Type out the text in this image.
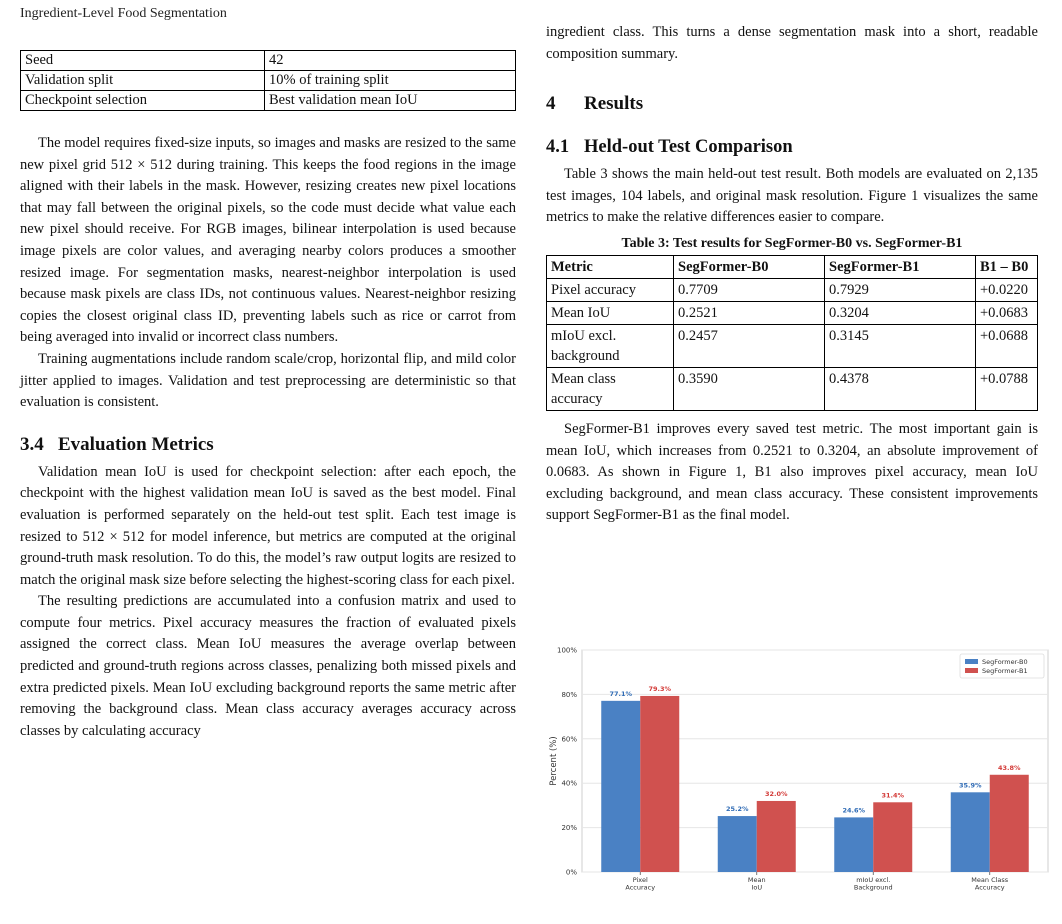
Ingredient-Level Food Segmentation
Seed	42
Validation split	10% of training split
Checkpoint selection	Best validation mean IoU

The model requires fixed-size inputs, so images and masks are resized to the same new pixel grid 512 × 512 during training. This keeps the food regions in the image aligned with their labels in the mask. However, resizing creates new pixel locations that may fall between the original pixels, so the code must decide what value each new pixel should receive. For RGB images, bilinear interpolation is used because image pixels are color values, and averaging nearby colors produces a smoother resized image. For segmentation masks, nearest-neighbor interpolation is used because mask pixels are class IDs, not continuous values. Nearest-neighbor resizing copies the closest original class ID, preventing labels such as rice or carrot from being averaged into invalid or incorrect class numbers.

Training augmentations include random scale/crop, horizontal flip, and mild color jitter applied to images. Validation and test preprocessing are deterministic so that evaluation is consistent.

3.4 Evaluation Metrics

Validation mean IoU is used for checkpoint selection: after each epoch, the checkpoint with the highest validation mean IoU is saved as the best model. Final evaluation is performed separately on the held-out test split. Each test image is resized to 512 × 512 for model inference, but metrics are computed at the original ground-truth mask resolution. To do this, the model’s raw output logits are resized to match the original mask size before selecting the highest-scoring class for each pixel.

The resulting predictions are accumulated into a confusion matrix and used to compute four metrics. Pixel accuracy measures the fraction of evaluated pixels assigned the correct class. Mean IoU measures the average overlap between predicted and ground-truth regions across classes, penalizing both missed pixels and extra predicted pixels. Mean IoU excluding background reports the same metric after removing the background class. Mean class accuracy averages accuracy across classes by calculating accuracy

ingredient class. This turns a dense segmentation mask into a short, readable composition summary.

4 Results
4.1 Held-out Test Comparison

Table 3 shows the main held-out test result. Both models are evaluated on 2,135 test images, 104 labels, and original mask resolution. Figure 1 visualizes the same metrics to make the relative differences easier to compare.

Table 3: Test results for SegFormer-B0 vs. SegFormer-B1

Metric	SegFormer-B0	SegFormer-B1	B1 – B0
Pixel accuracy	0.7709	0.7929	+0.0220
Mean IoU	0.2521	0.3204	+0.0683
mIoU excl. background	0.2457	0.3145	+0.0688
Mean class accuracy	0.3590	0.4378	+0.0788

SegFormer-B1 improves every saved test metric. The most important gain is mean IoU, which increases from 0.2521 to 0.3204, an absolute improvement of 0.0683. As shown in Figure 1, B1 also improves pixel accuracy, mean IoU excluding background, and mean class accuracy. These consistent improvements support SegFormer-B1 as the final model.

0%
20%
40%
60%
80%
100%
Percent (%)
77.1%
79.3%
Pixel
Accuracy
25.2%
32.0%
Mean
IoU
24.6%
31.4%
mIoU excl.
Background
35.9%
43.8%
Mean Class
Accuracy
SegFormer-B0
SegFormer-B1
